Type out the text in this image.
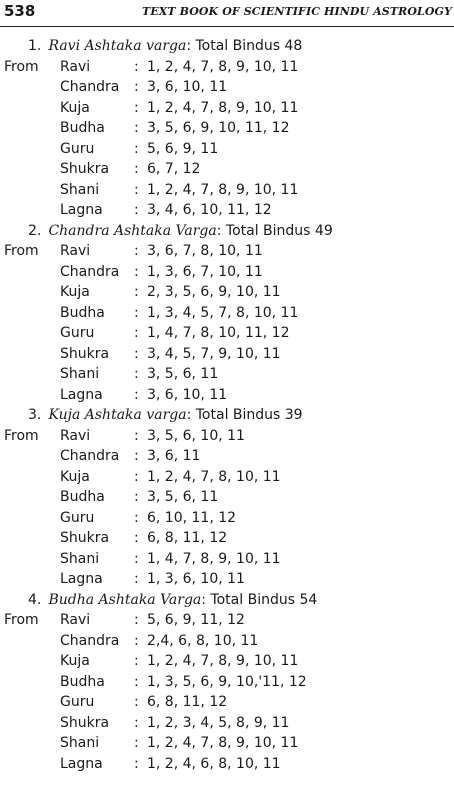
538	TEXT BOOK OF SCIENTIFIC HINDU ASTROLOGY
1. Ravi Ashtaka varga: Total Bindus 48
From Ravi	: 1, 2, 4, 7, 8, 9, 10, 11
Chandra : 3, 6, 10, 11
Kuja	: 1, 2, 4, 7, 8, 9, 10, 11
Budha : 3, 5, 6, 9, 10, 11, 12
Guru	: 5, 6, 9, 11
Shukra : 6, 7, 12
Shani : 1, 2, 4, 7, 8, 9, 10, 11
Lagna : 3, 4, 6, 10, 11, 12
2. Chandra Ashtaka Varga: Total Bindus 49
From Ravi	: 3, 6, 7, 8, 10, 11
Chandra : 1, 3, 6, 7, 10, 11
Kuja	: 2, 3, 5, 6, 9, 10, 11
Budha : 1, 3, 4, 5, 7, 8, 10, 11
Guru	: 1, 4, 7, 8, 10, 11, 12
Shukra : 3, 4, 5, 7, 9, 10, 11
Shani : 3, 5, 6, 11
Lagna : 3, 6, 10, 11
3. Kuja Ashtaka varga: Total Bindus 39
From Ravi	: 3, 5, 6, 10, 11
Chandra : 3, 6, 11
Kuja	: 1, 2, 4, 7, 8, 10, 11
Budha : 3, 5, 6, 11
Guru	: 6, 10, 11, 12
Shukra : 6, 8, 11, 12
Shani : 1, 4, 7, 8, 9, 10, 11
Lagna : 1, 3, 6, 10, 11
4. Budha Ashtaka Varga: Total Bindus 54
From Ravi	: 5, 6, 9, 11, 12
Chandra : 2,4, 6, 8, 10, 11
Kuja	: 1, 2, 4, 7, 8, 9, 10, 11
Budha : 1, 3, 5, 6, 9, 10,'11, 12
Guru	: 6, 8, 11, 12
Shukra : 1, 2, 3, 4, 5, 8, 9, 11
Shani : 1, 2, 4, 7, 8, 9, 10, 11
Lagna : 1, 2, 4, 6, 8, 10, 11
